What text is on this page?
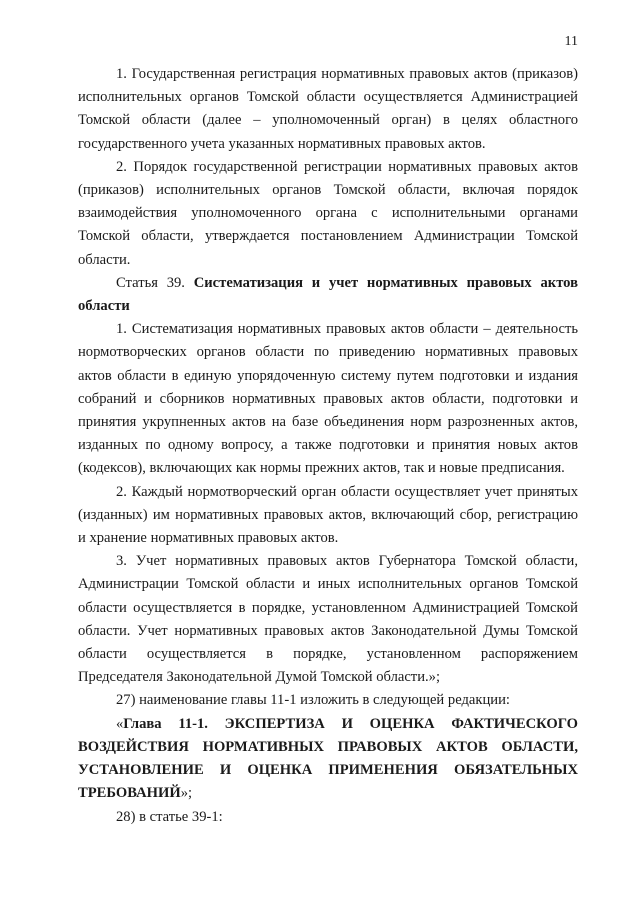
11

1. Государственная регистрация нормативных правовых актов (приказов) исполнительных органов Томской области осуществляется Администрацией Томской области (далее – уполномоченный орган) в целях областного государственного учета указанных нормативных правовых актов.

2. Порядок государственной регистрации нормативных правовых актов (приказов) исполнительных органов Томской области, включая порядок взаимодействия уполномоченного органа с исполнительными органами Томской области, утверждается постановлением Администрации Томской области.

Статья 39. Систематизация и учет нормативных правовых актов области

1. Систематизация нормативных правовых актов области – деятельность нормотворческих органов области по приведению нормативных правовых актов области в единую упорядоченную систему путем подготовки и издания собраний и сборников нормативных правовых актов области, подготовки и принятия укрупненных актов на базе объединения норм разрозненных актов, изданных по одному вопросу, а также подготовки и принятия новых актов (кодексов), включающих как нормы прежних актов, так и новые предписания.

2. Каждый нормотворческий орган области осуществляет учет принятых (изданных) им нормативных правовых актов, включающий сбор, регистрацию и хранение нормативных правовых актов.

3. Учет нормативных правовых актов Губернатора Томской области, Администрации Томской области и иных исполнительных органов Томской области осуществляется в порядке, установленном Администрацией Томской области. Учет нормативных правовых актов Законодательной Думы Томской области осуществляется в порядке, установленном распоряжением Председателя Законодательной Думой Томской области.»;

27) наименование главы 11-1 изложить в следующей редакции:

«Глава 11-1. ЭКСПЕРТИЗА И ОЦЕНКА ФАКТИЧЕСКОГО ВОЗДЕЙСТВИЯ НОРМАТИВНЫХ ПРАВОВЫХ АКТОВ ОБЛАСТИ, УСТАНОВЛЕНИЕ И ОЦЕНКА ПРИМЕНЕНИЯ ОБЯЗАТЕЛЬНЫХ ТРЕБОВАНИЙ»;

28) в статье 39-1:
